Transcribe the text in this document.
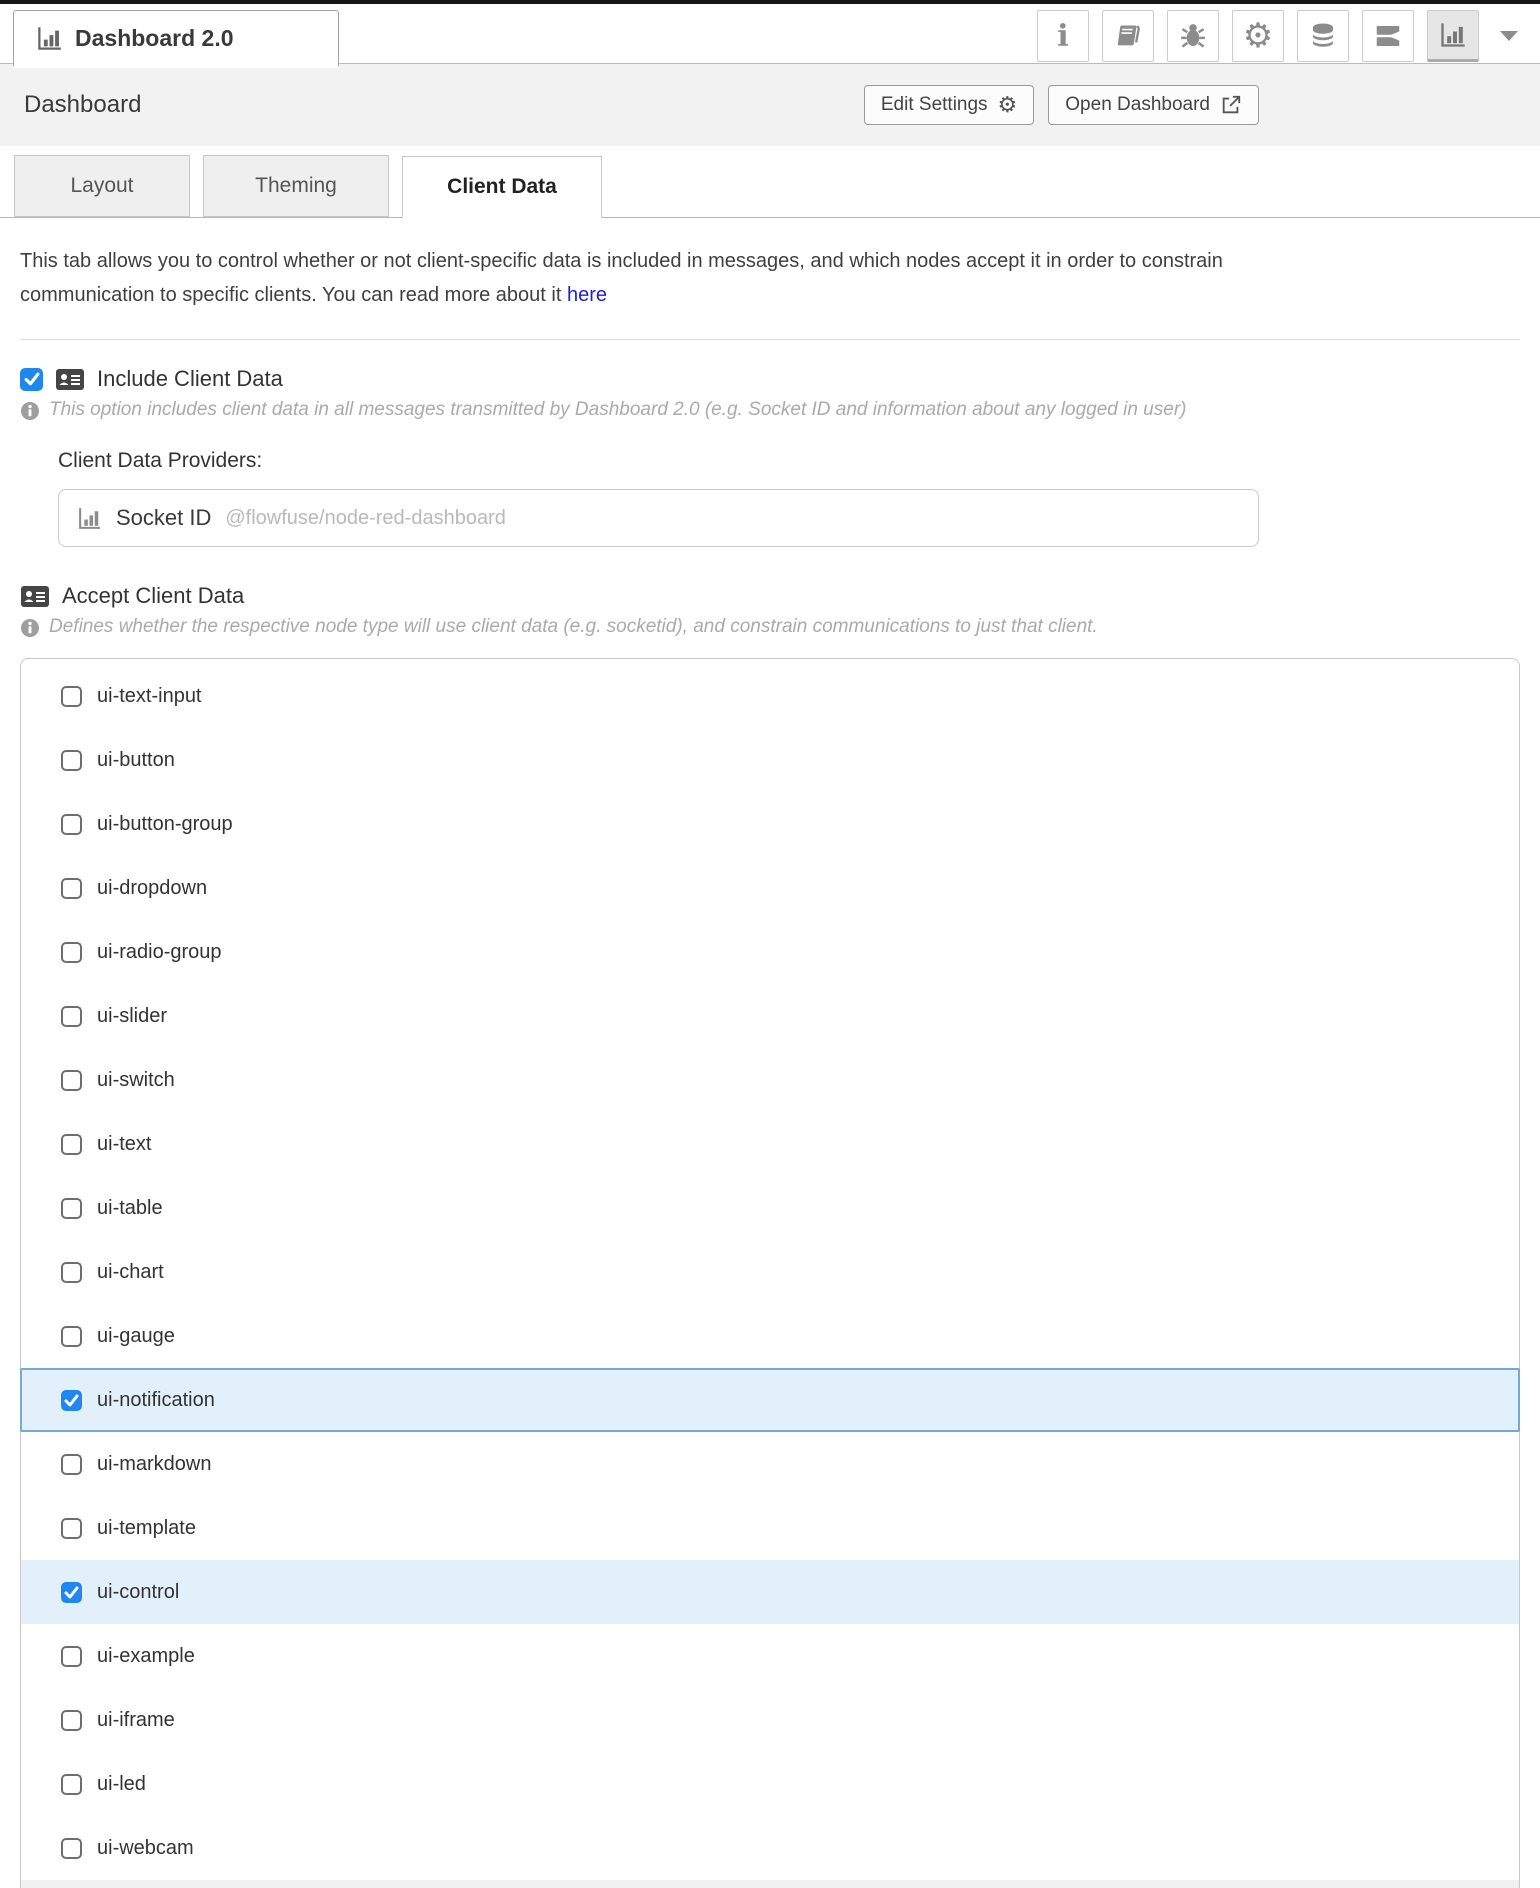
Dashboard 2.0	i	⚙
Dashboard	Edit Settings ⚙	Open Dashboard
Layout	Theming	Client Data

This tab allows you to control whether or not client-specific data is included in messages, and which nodes accept it in order to constrain communication to specific clients. You can read more about it here

Include Client Data
This option includes client data in all messages transmitted by Dashboard 2.0 (e.g. Socket ID and information about any logged in user)
Client Data Providers:
Socket ID @flowfuse/node-red-dashboard
Accept Client Data
Defines whether the respective node type will use client data (e.g. socketid), and constrain communications to just that client.
ui-text-input
ui-button
ui-button-group
ui-dropdown
ui-radio-group
ui-slider
ui-switch
ui-text
ui-table
ui-chart
ui-gauge
ui-notification
ui-markdown
ui-template
ui-control
ui-example
ui-iframe
ui-led
ui-webcam
